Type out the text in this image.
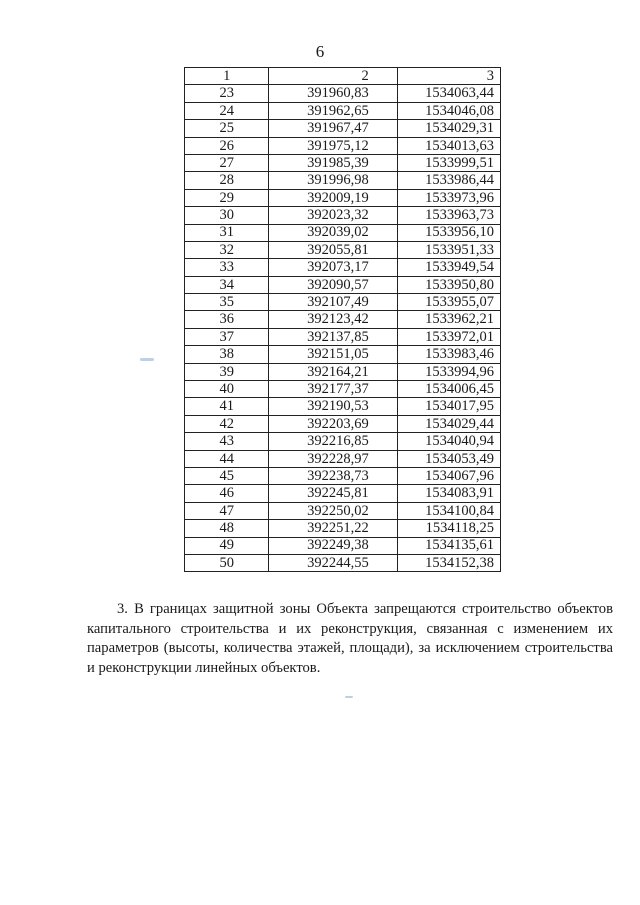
6
1	2	3
23	391960,83	1534063,44
24	391962,65	1534046,08
25	391967,47	1534029,31
26	391975,12	1534013,63
27	391985,39	1533999,51
28	391996,98	1533986,44
29	392009,19	1533973,96
30	392023,32	1533963,73
31	392039,02	1533956,10
32	392055,81	1533951,33
33	392073,17	1533949,54
34	392090,57	1533950,80
35	392107,49	1533955,07
36	392123,42	1533962,21
37	392137,85	1533972,01
38	392151,05	1533983,46
39	392164,21	1533994,96
40	392177,37	1534006,45
41	392190,53	1534017,95
42	392203,69	1534029,44
43	392216,85	1534040,94
44	392228,97	1534053,49
45	392238,73	1534067,96
46	392245,81	1534083,91
47	392250,02	1534100,84
48	392251,22	1534118,25
49	392249,38	1534135,61
50	392244,55	1534152,38
3. В границах защитной зоны Объекта запрещаются строительство объектов капитального строительства и их реконструкция, связанная с изменением их параметров (высоты, количества этажей, площади), за исключением строительства и реконструкции линейных объектов.
